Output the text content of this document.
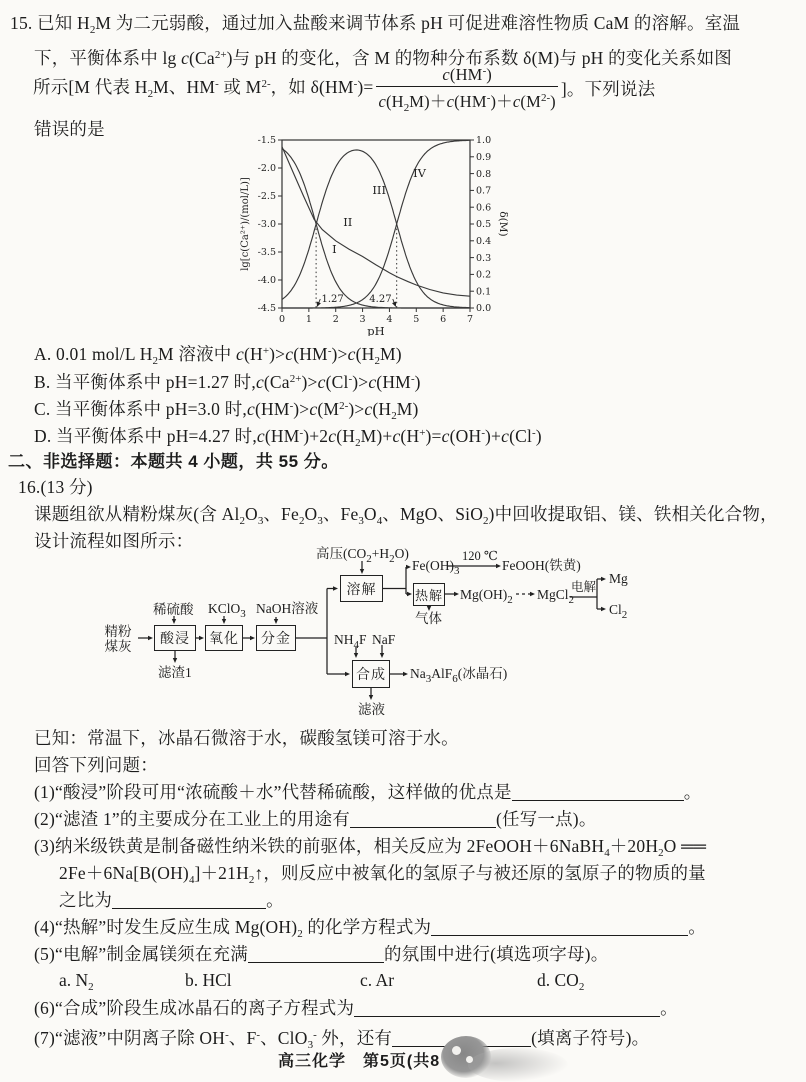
15. 已知 $H_2M$ 为二元弱酸，通过加入盐酸来调节体系 pH 可促进难溶性物质 CaM 的溶解。室温
下，平衡体系中 $\lg c(Ca^{2+})$与 pH 的变化，含 M 的物种分布系数 δ(M)与 pH 的变化关系如图
所示[M 代表 $H_2M$、HM- 或 $M^{2-}$，如 $\delta(HM^-)= \frac{c(HM^-)}{c(H_2M)+c(HM^-)+c(M^{2-})}$ ]。下列说法
错误的是
0 1 2 3 4 5 6 7
-1.5
-2.0
-2.5
-3.0
-3.5
-4.0
-4.5
1.0
0.9
0.8
0.7
0.6
0.5
0.4
0.3
0.2
0.1
0.0
pH
lg[c(Ca²⁺)/(mol/L)]	δ(M)
1.27	4.27
I
II
III
IV
A. 0.01 mol/L $H_2M$ 溶液中 $c(H^+)>c(HM^-)>c(H_2M)$
B. 当平衡体系中 pH=1.27 时$,c(Ca^{2+})>c(Cl^-)>c(HM^-)$
C. 当平衡体系中 pH=3.0 时$,c(HM^-)>c(M^{2-})>c(H_2M)$
D. 当平衡体系中 pH=4.27 时$,c(HM^-)+2c(H_2M)+c(H^+)=c(OH^-)+c(Cl^-)$
二、非选择题：本题共 4 小题，共 55 分。
16.(13 分)
课题组欲从精粉煤灰(含 $Al_2O_3$、$Fe_2O_3$、$Fe_3O_4$、MgO、SiO$_2$)中回收提取铝、镁、铁相关化合物，
设计流程如图所示：
精粉
煤灰	酸浸	氧化	分金
溶解	热解
合成
稀硫酸 KClO$_3$ NaOH溶液
高压$(CO_2+H_2O)$
$NH_4F$ NaF
滤渣1
$Fe(OH)_3$
120 ℃
FeOOH(铁黄)
$Mg(OH)_2$ MgCl$_2$
电解
Mg
$Cl_2$
气体
$Na_3AlF_6$(冰晶石)
滤液
已知：常温下，冰晶石微溶于水，碳酸氢镁可溶于水。
回答下列问题：
(1)“酸浸”阶段可用“浓硫酸＋水”代替稀硫酸，这样做的优点是	。
(2)“滤渣 1”的主要成分在工业上的用途有	(任写一点)。
(3)纳米级铁黄是制备磁性纳米铁的前驱体，相关反应为 $2FeOOH+6NaBH_4+20H_2O$ ══
$2Fe+6Na[B(OH)_4]+21H_2↑$，则反应中被氧化的氢原子与被还原的氢原子的物质的量
之比为	。
(4)“热解”时发生反应生成 $Mg(OH)_2$ 的化学方程式为	。
(5)“电解”制金属镁须在充满	的氛围中进行(填选项字母)。
a. $N_2$	b. HCl	c. Ar	d. $CO_2$
(6)“合成”阶段生成冰晶石的离子方程式为	。
(7)“滤液”中阴离子除 OH-、F-、ClO$_3$- 外，还有	(填离子符号)。
高三化学　第5页(共8
